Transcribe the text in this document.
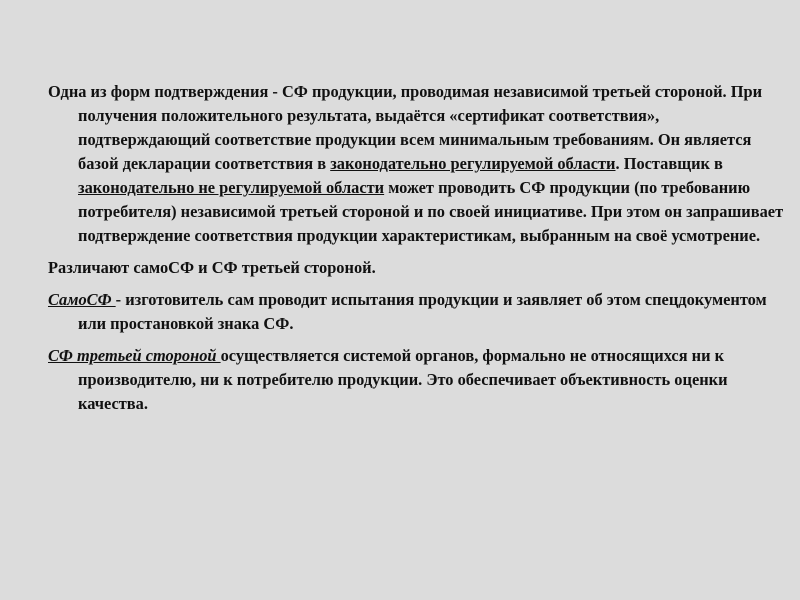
Одна из форм подтверждения - СФ продукции, проводимая независимой третьей стороной. При получения положительного результата, выдаётся «сертификат соответствия», подтверждающий соответствие продукции всем минимальным требованиям. Он является базой декларации соответствия в законодательно регулируемой области. Поставщик в законодательно не регулируемой области может проводить СФ продукции (по требованию потребителя) независимой третьей стороной и по своей инициативе. При этом он запрашивает подтверждение соответствия продукции характеристикам, выбранным на своё усмотрение.

Различают самоСФ и СФ третьей стороной.

СамоСФ - изготовитель сам проводит испытания продукции и заявляет об этом спецдокументом или простановкой знака СФ.

СФ третьей стороной осуществляется системой органов, формально не относящихся ни к производителю, ни к потребителю продукции. Это обеспечивает объективность оценки качества.
